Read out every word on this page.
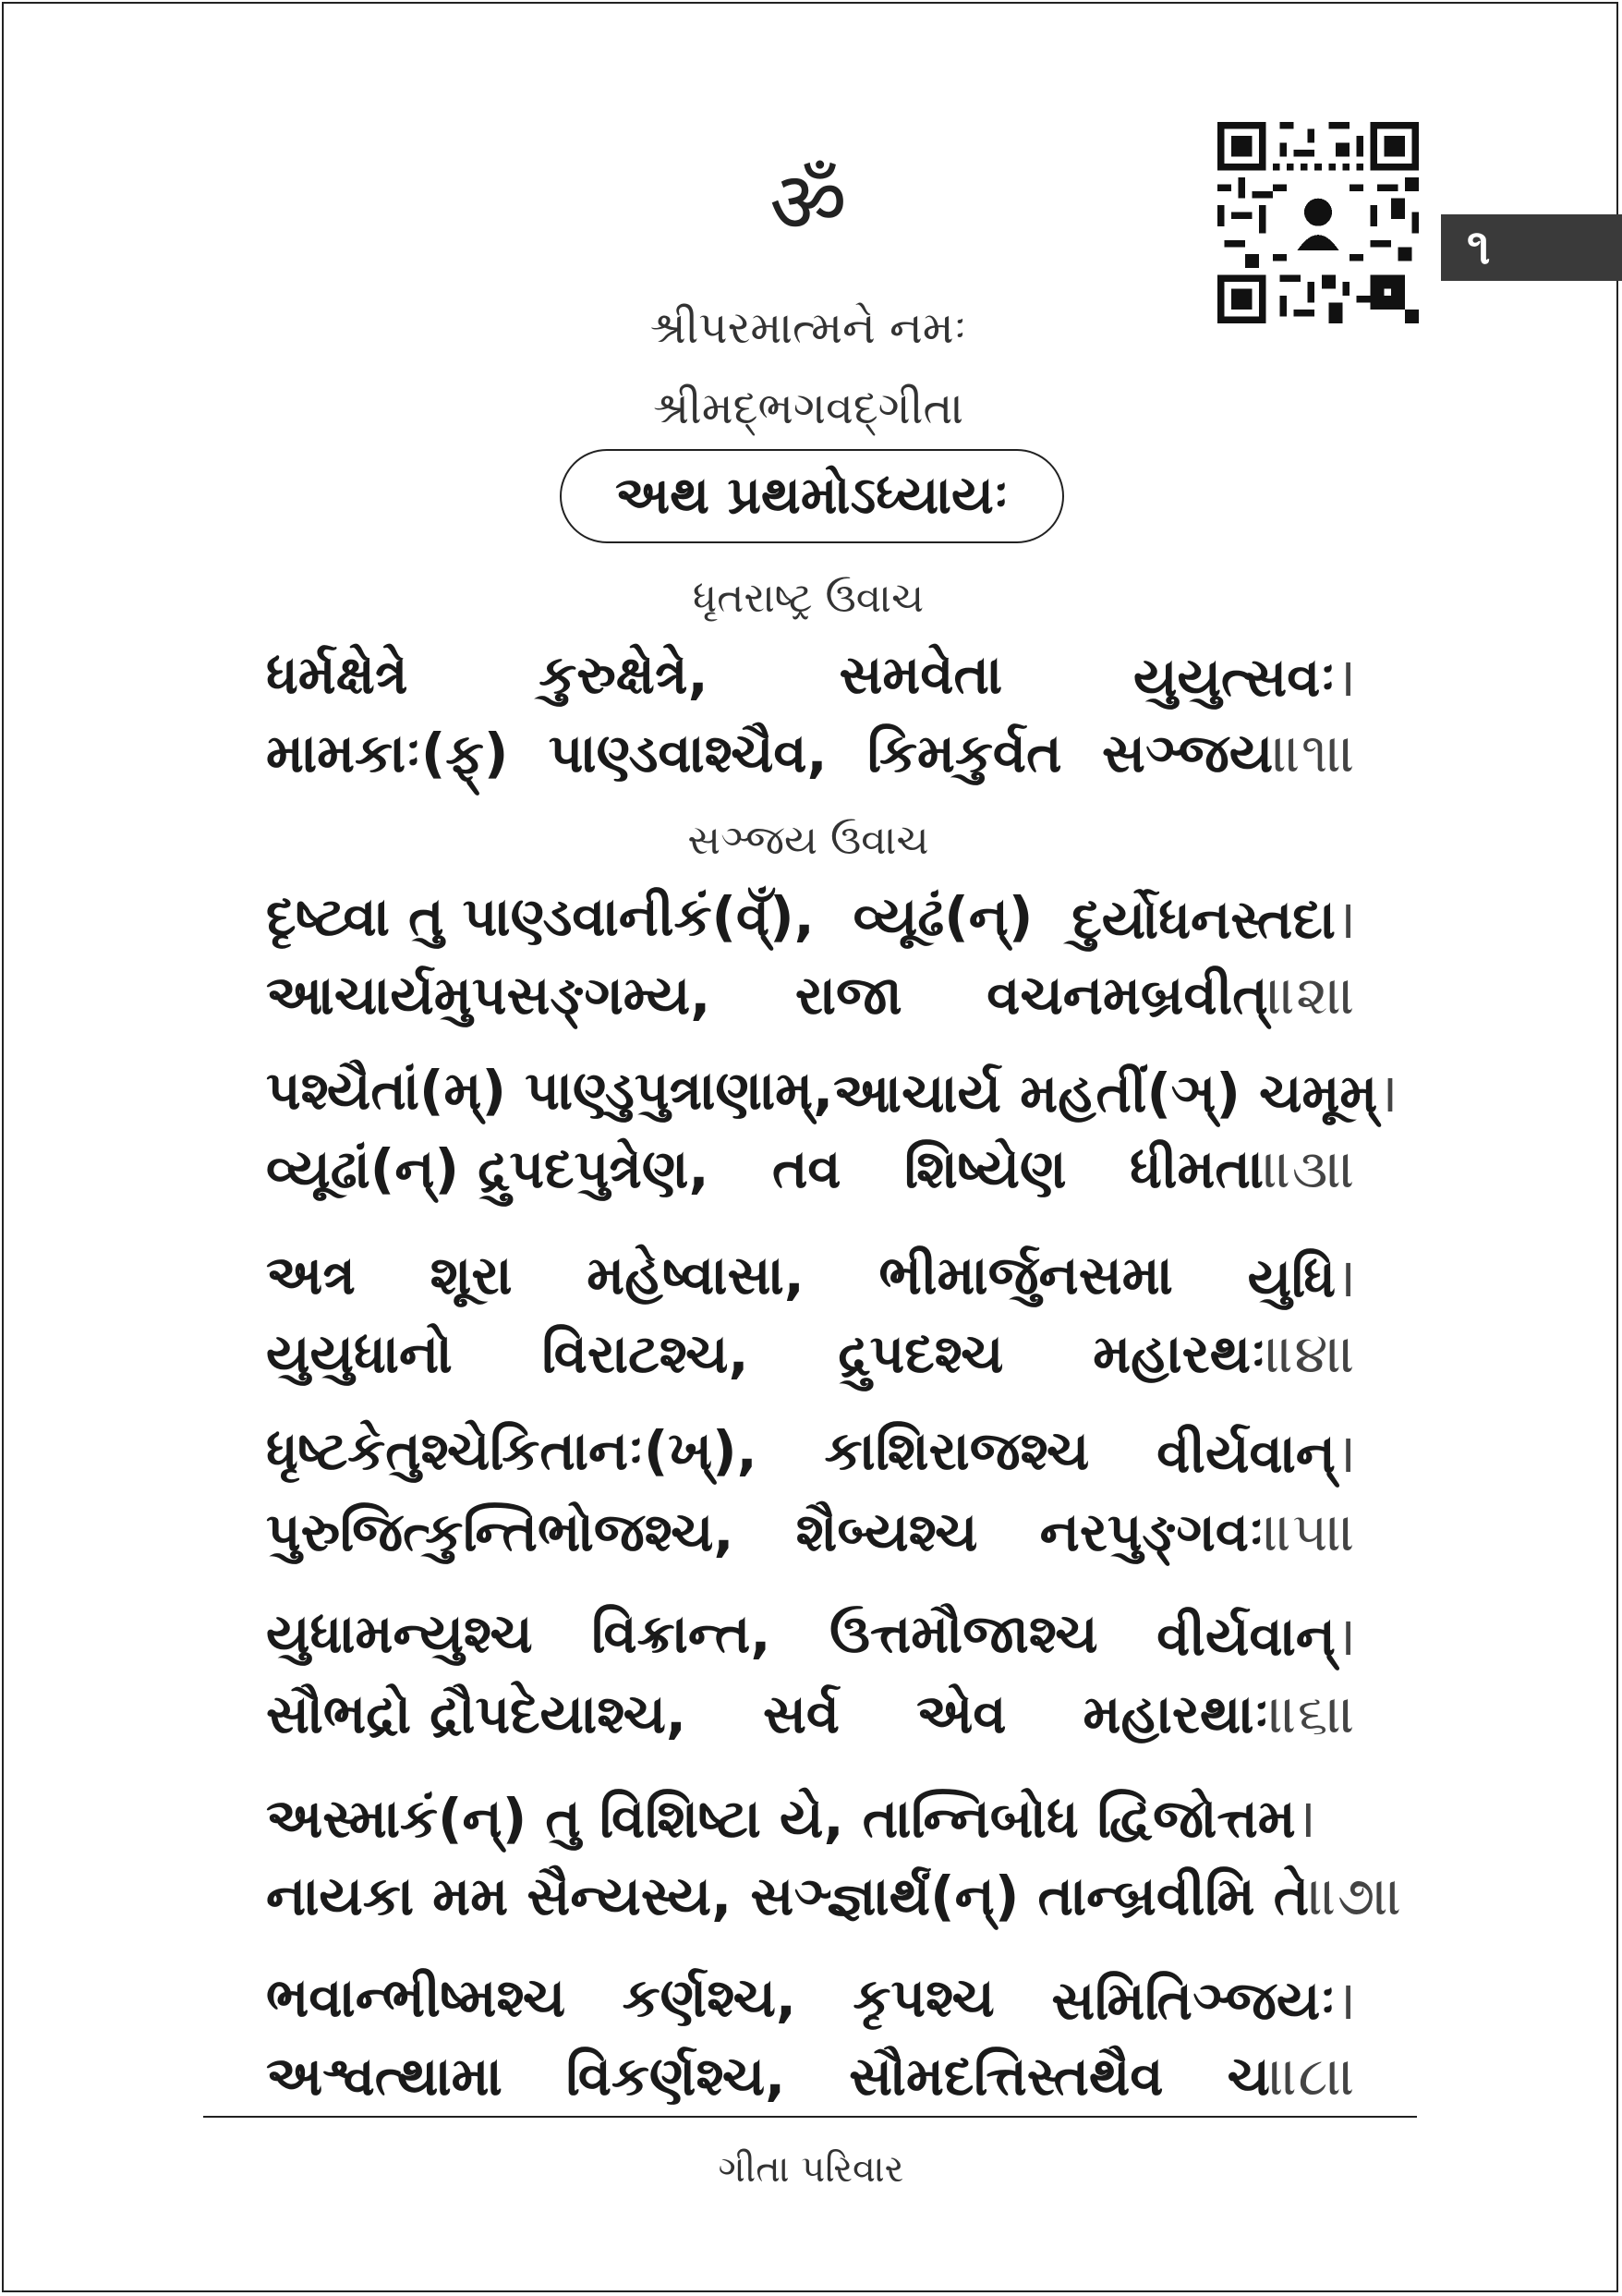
ॐ	૧
શ્રીપરમાત્મને નમઃ
શ્રીમદ્ભગવદ્ગીતા
અથ પ્રથમોઽધ્યાયઃ
ધૃતરાષ્ટ્ર ઉવાચ
સઞ્જય ઉવાચ
ધર્મક્ષેત્રે કુરુક્ષેત્રે, સમવેતા યુયુત્સવઃ।
મામકાઃ(ફ્) પાણ્ડવાશ્ચૈવ, કિમકુર્વત સઞ્જય॥૧॥
દૃષ્ટ્વા તુ પાણ્ડવાનીકં(વ્ઁ), વ્યૂઢં(ન્) દુર્યોધનસ્તદા।
આચાર્યમુપસઙ્ગમ્ય, રાજા વચનમબ્રવીત્॥૨॥
પશ્યૈતાં(મ્) પાણ્ડુપુત્રાણામ્, આચાર્ય મહતીં(ઞ્) ચમૂમ્।
વ્યૂઢાં(ન્) દ્રુપદપુત્રેણ, તવ શિષ્યેણ ધીમતા॥૩॥
અત્ર શૂરા મહેષ્વાસા, ભીમાર્જુનસમા યુધિ।
યુયુધાનો વિરાટશ્ચ, દ્રુપદશ્ચ મહારથઃ॥૪॥
ધૃષ્ટકેતુશ્ચેકિતાનઃ(ખ્), કાશિરાજશ્ચ વીર્યવાન્।
પુરુજિત્કુન્તિભોજશ્ચ, શૈબ્યશ્ચ નરપુઙ્ગવઃ॥૫॥
યુધામન્યુશ્ચ વિક્રાન્ત, ઉત્તમૌજાશ્ચ વીર્યવાન્।
સૌભદ્રો દ્રૌપદેયાશ્ચ, સર્વ એવ મહારથાઃ॥૬॥
અસ્માકં(ન્) તુ વિશિષ્ટા યે, તાન્નિબોધ દ્વિજોત્તમ।
નાયકા મમ સૈન્યસ્ય, સઞ્જ્ઞાર્થં(ન્) તાન્બ્રવીમિ તે॥૭॥
ભવાન્ભીષ્મશ્ચ કર્ણશ્ચ, કૃપશ્ચ સમિતિઞ્જયઃ।
અશ્વત્થામા વિકર્ણશ્ચ, સૌમદત્તિસ્તથૈવ ચ॥૮॥
ગીતા પરિવાર
